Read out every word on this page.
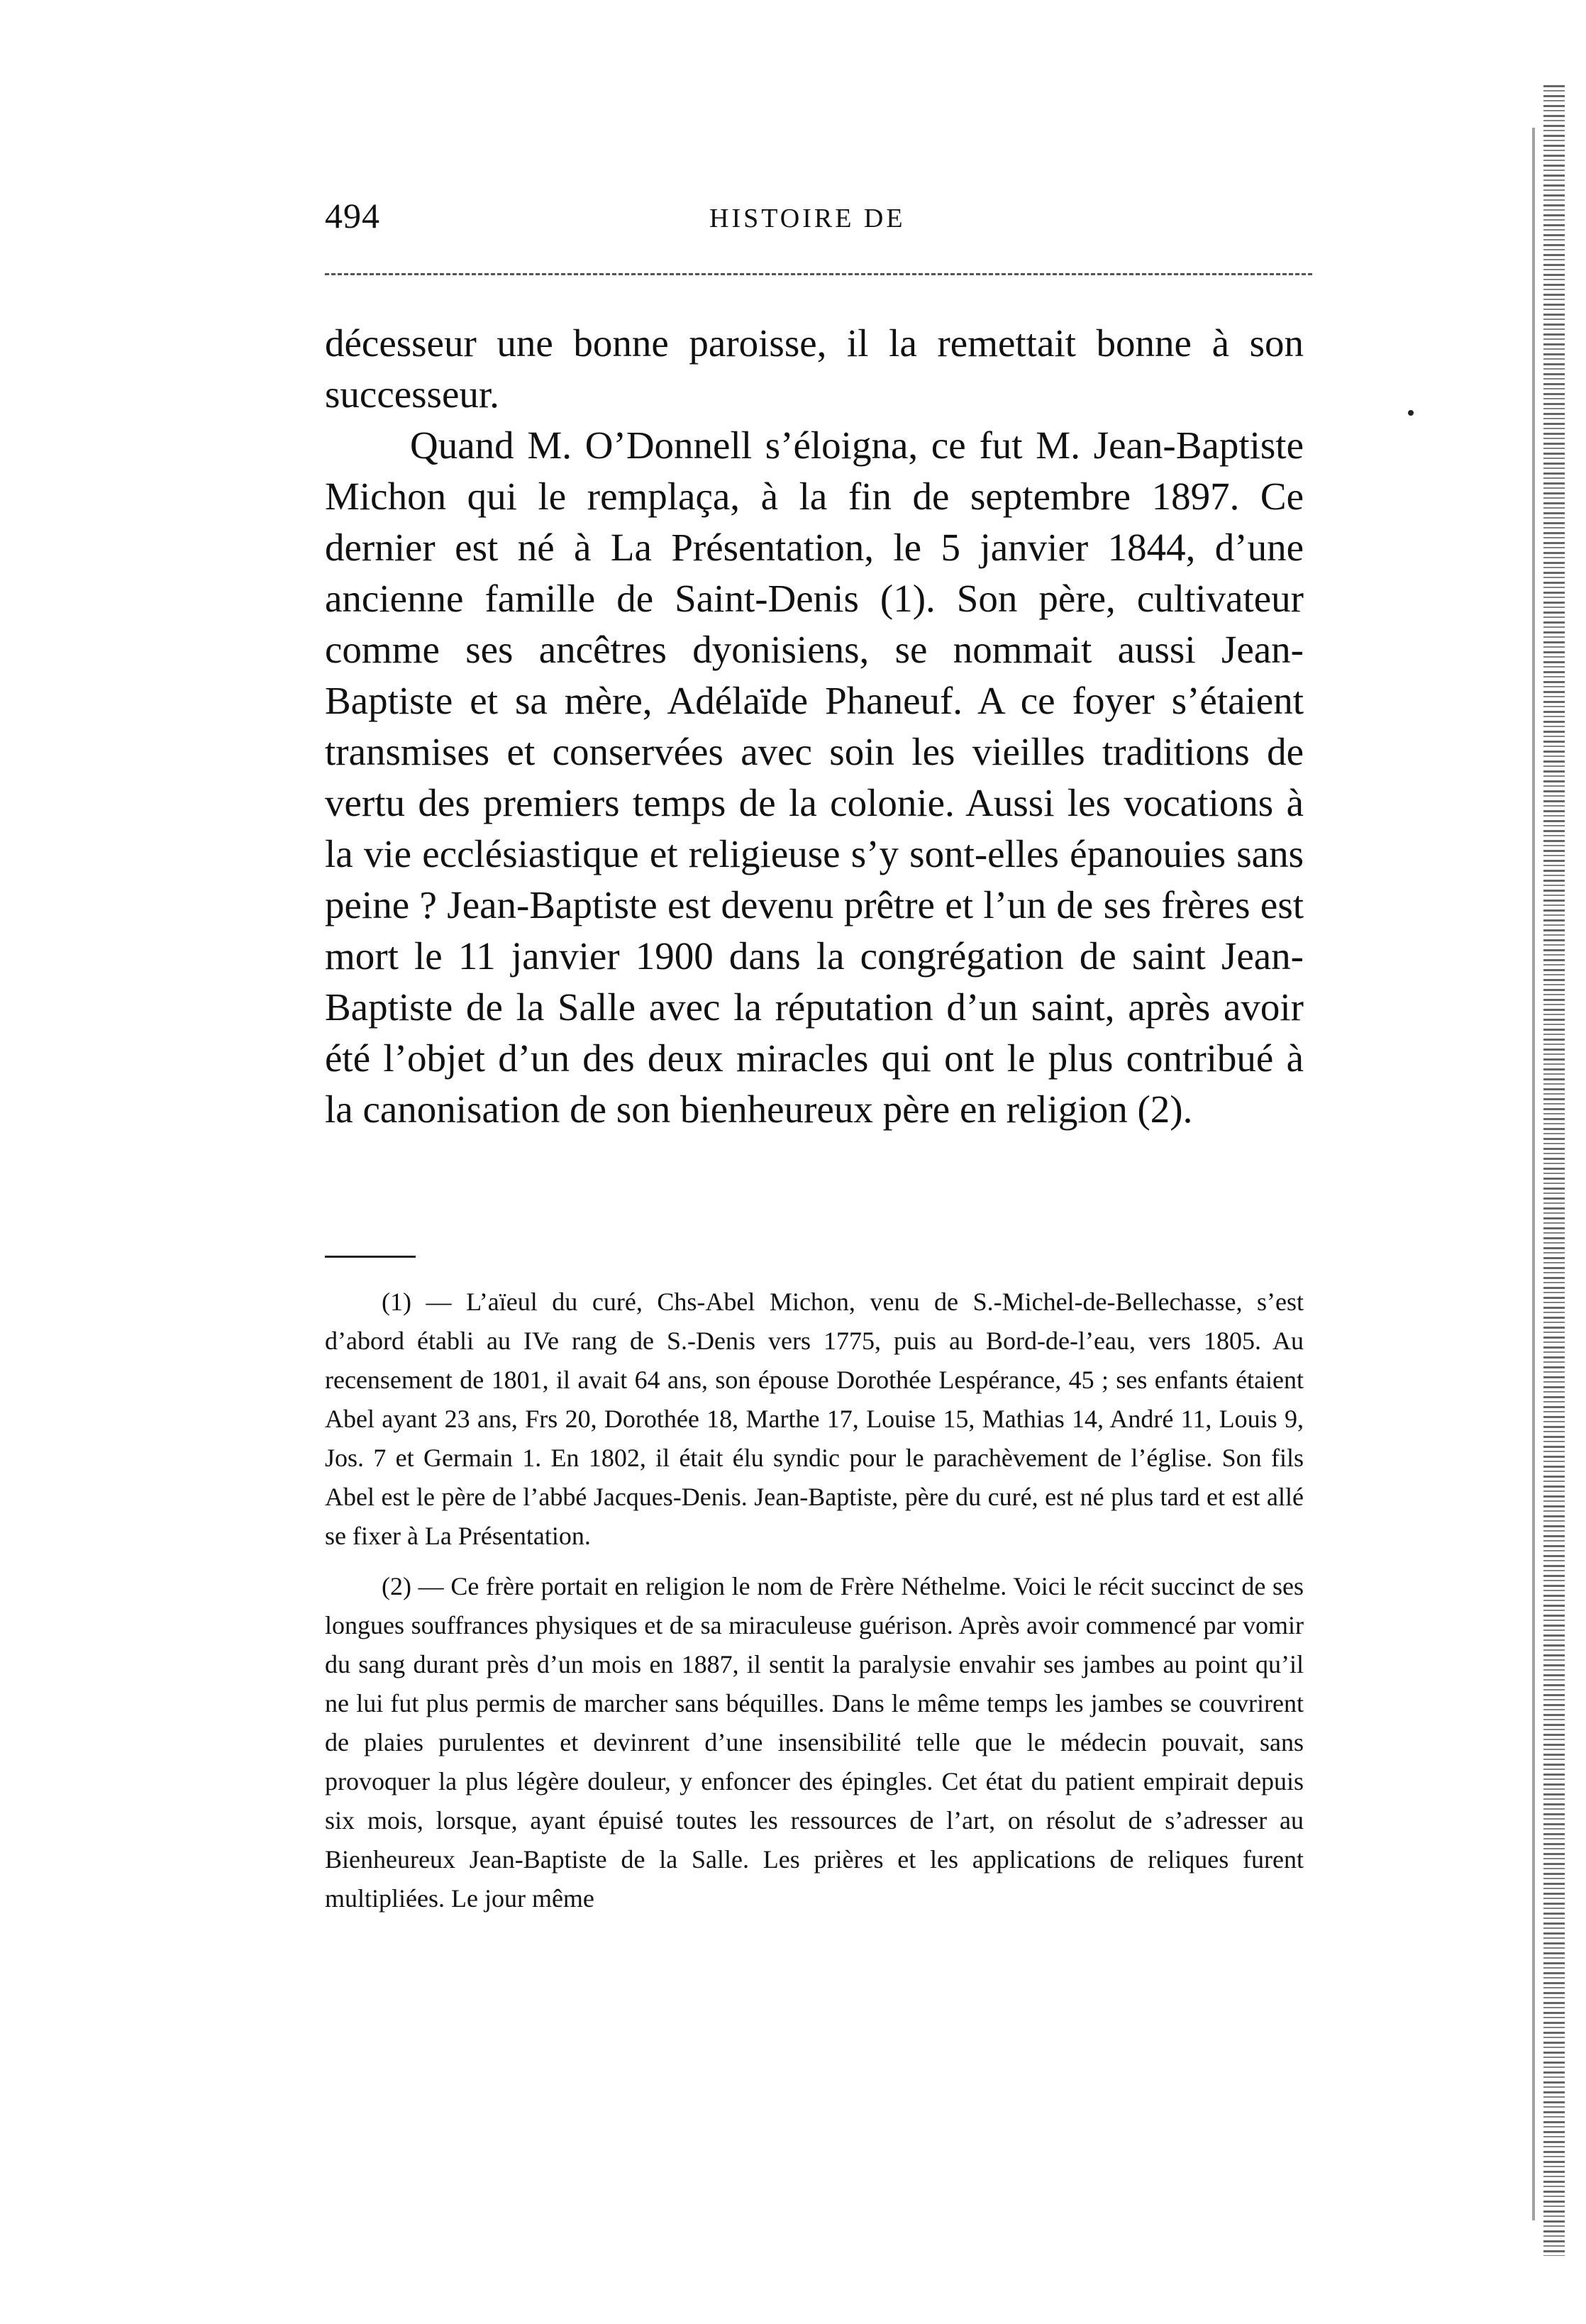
494	HISTOIRE DE

décesseur une bonne paroisse, il la remettait bonne à son successeur.

Quand M. O’Donnell s’éloigna, ce fut M. Jean-Baptiste Michon qui le remplaça, à la fin de septembre 1897. Ce dernier est né à La Présentation, le 5 janvier 1844, d’une ancienne famille de Saint-Denis (1). Son père, cultivateur comme ses ancêtres dyonisiens, se nommait aussi Jean-Baptiste et sa mère, Adélaïde Phaneuf. A ce foyer s’étaient transmises et conservées avec soin les vieilles traditions de vertu des premiers temps de la colonie. Aussi les vocations à la vie ecclésiastique et religieuse s’y sont-elles épanouies sans peine ? Jean-Baptiste est devenu prêtre et l’un de ses frères est mort le 11 janvier 1900 dans la congrégation de saint Jean-Baptiste de la Salle avec la réputation d’un saint, après avoir été l’objet d’un des deux miracles qui ont le plus contribué à la canonisation de son bienheureux père en religion (2).

(1) — L’aïeul du curé, Chs-Abel Michon, venu de S.-Michel-de-Bellechasse, s’est d’abord établi au IVe rang de S.-Denis vers 1775, puis au Bord-de-l’eau, vers 1805. Au recensement de 1801, il avait 64 ans, son épouse Dorothée Lespérance, 45 ; ses enfants étaient Abel ayant 23 ans, Frs 20, Dorothée 18, Marthe 17, Louise 15, Mathias 14, André 11, Louis 9, Jos. 7 et Germain 1. En 1802, il était élu syndic pour le parachèvement de l’église. Son fils Abel est le père de l’abbé Jacques-Denis. Jean-Baptiste, père du curé, est né plus tard et est allé se fixer à La Présentation.

(2) — Ce frère portait en religion le nom de Frère Néthelme. Voici le récit succinct de ses longues souffrances physiques et de sa miraculeuse guérison. Après avoir commencé par vomir du sang durant près d’un mois en 1887, il sentit la paralysie envahir ses jambes au point qu’il ne lui fut plus permis de marcher sans béquilles. Dans le même temps les jambes se couvrirent de plaies purulentes et devinrent d’une insensibilité telle que le médecin pouvait, sans provoquer la plus légère douleur, y enfoncer des épingles. Cet état du patient empirait depuis six mois, lorsque, ayant épuisé toutes les ressources de l’art, on résolut de s’adresser au Bienheureux Jean-Baptiste de la Salle. Les prières et les applications de reliques furent multipliées. Le jour même
